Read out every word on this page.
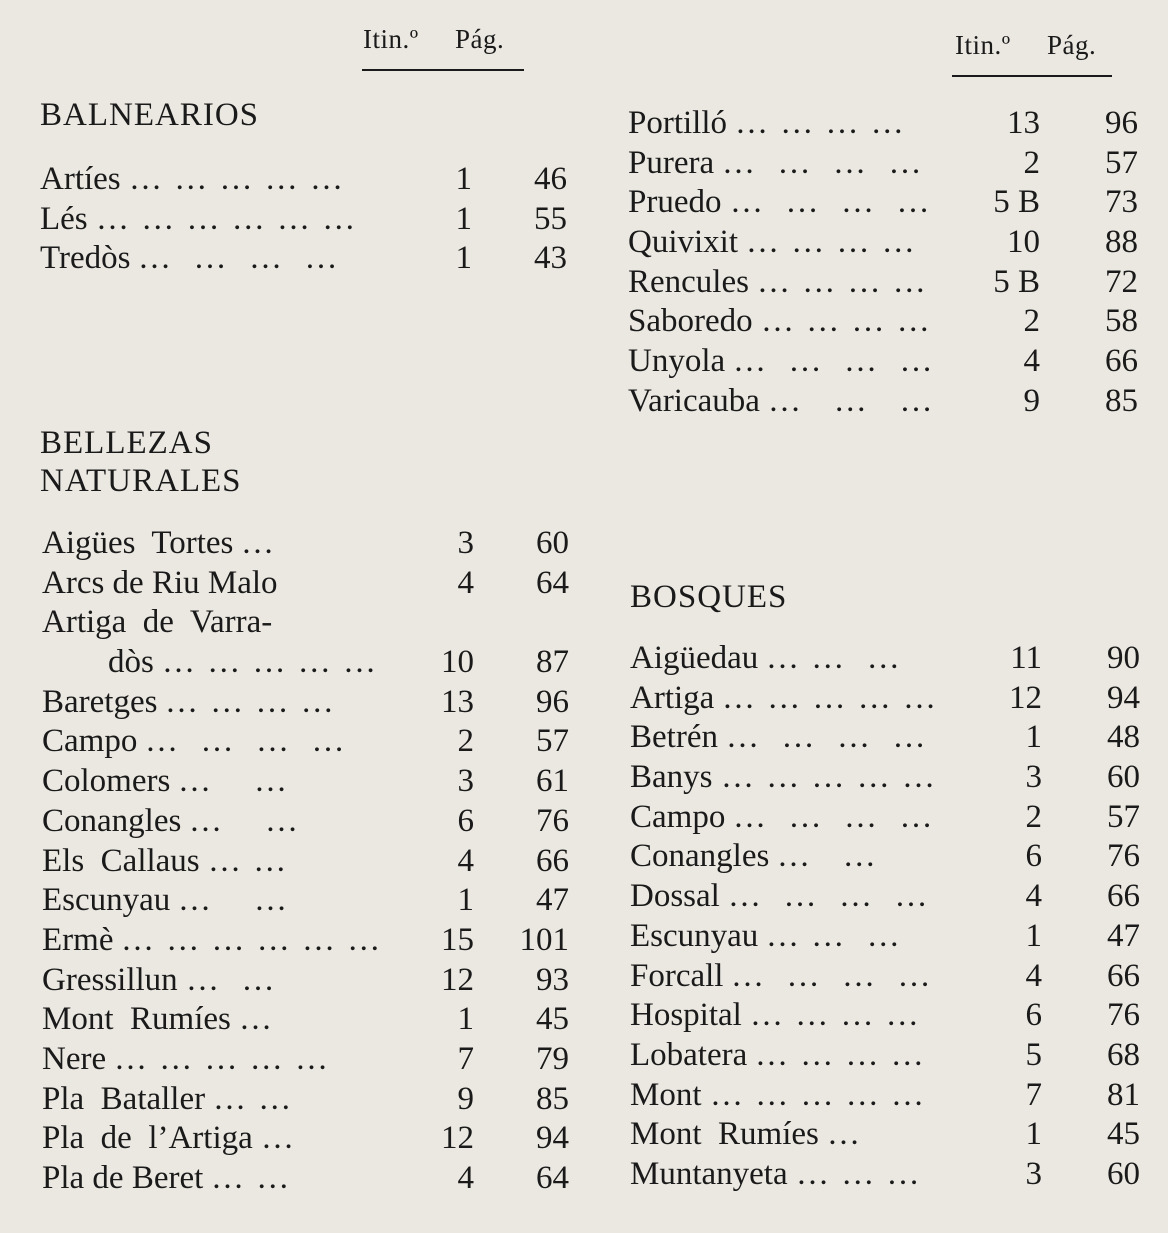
Itin.º Pág.	Itin.º Pág.
BALNEARIOS
Artíes … … … … …	1	46
Lés … … … … … …	1	55
Tredòs …  …  …  …	1	43
BELLEZAS
NATURALES
Aigües  Tortes …	3	60
Arcs de Riu Malo	4	64
Artiga  de  Varra-
dòs … … … … …	10	87
Baretges … … … …	13	96
Campo …  …  …  …	2	57
Colomers …    …	3	61
Conangles …    …	6	76
Els  Callaus … …	4	66
Escunyau …    …	1	47
Ermè … … … … … …	15	101
Gressillun …  …	12	93
Mont  Rumíes …	1	45
Nere … … … … …	7	79
Pla  Bataller … …	9	85
Pla  de  l’Artiga …	12	94
Pla de Beret … …	4	64
Portilló … … … …	13	96
Purera …  …  …  …	2	57
Pruedo …  …  …  …	5 B	73
Quivixit … … … …	10	88
Rencules … … … …	5 B	72
Saboredo … … … …	2	58
Unyola …  …  …  …	4	66
Varicauba …   …   …	9	85
BOSQUES
Aigüedau … …  …	11	90
Artiga … … … … …	12	94
Betrén …  …  …  …	1	48
Banys … … … … …	3	60
Campo …  …  …  …	2	57
Conangles …   …	6	76
Dossal …  …  …  …	4	66
Escunyau … …  …	1	47
Forcall …  …  …  …	4	66
Hospital … … … …	6	76
Lobatera … … … …	5	68
Mont … … … … …	7	81
Mont  Rumíes …	1	45
Muntanyeta … … …	3	60
